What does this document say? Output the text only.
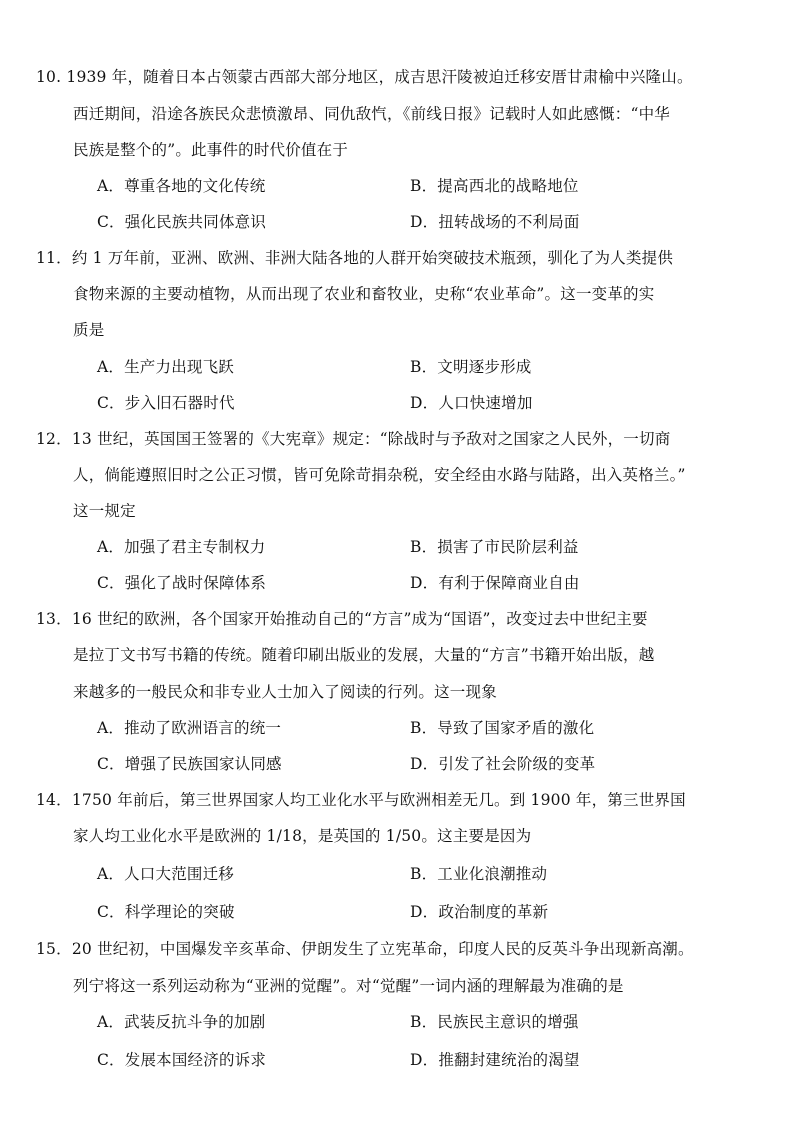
10. 1939 年，随着日本占领蒙古西部大部分地区，成吉思汗陵被迫迁移安厝甘肃榆中兴隆山。
西迁期间，沿途各族民众悲愤激昂、同仇敌忾，《前线日报》记载时人如此感慨：“中华
民族是整个的”。此事件的时代价值在于
A．尊重各地的文化传统	B．提高西北的战略地位
C．强化民族共同体意识	D．扭转战场的不利局面
11．约 1 万年前，亚洲、欧洲、非洲大陆各地的人群开始突破技术瓶颈，驯化了为人类提供
食物来源的主要动植物，从而出现了农业和畜牧业，史称“农业革命”。这一变革的实
质是
A．生产力出现飞跃	B．文明逐步形成
C．步入旧石器时代	D．人口快速增加
12．13 世纪，英国国王签署的《大宪章》规定：“除战时与予敌对之国家之人民外，一切商
人，倘能遵照旧时之公正习惯，皆可免除苛捐杂税，安全经由水路与陆路，出入英格兰。”
这一规定
A．加强了君主专制权力	B．损害了市民阶层利益
C．强化了战时保障体系	D．有利于保障商业自由
13．16 世纪的欧洲，各个国家开始推动自己的“方言”成为“国语”，改变过去中世纪主要
是拉丁文书写书籍的传统。随着印刷出版业的发展，大量的“方言”书籍开始出版，越
来越多的一般民众和非专业人士加入了阅读的行列。这一现象
A．推动了欧洲语言的统一	B．导致了国家矛盾的激化
C．增强了民族国家认同感	D．引发了社会阶级的变革
14．1750 年前后，第三世界国家人均工业化水平与欧洲相差无几。到 1900 年，第三世界国
家人均工业化水平是欧洲的 1/18，是英国的 1/50。这主要是因为
A．人口大范围迁移	B．工业化浪潮推动
C．科学理论的突破	D．政治制度的革新
15．20 世纪初，中国爆发辛亥革命、伊朗发生了立宪革命，印度人民的反英斗争出现新高潮。
列宁将这一系列运动称为“亚洲的觉醒”。对“觉醒”一词内涵的理解最为准确的是
A．武装反抗斗争的加剧	B．民族民主意识的增强
C．发展本国经济的诉求	D．推翻封建统治的渴望
